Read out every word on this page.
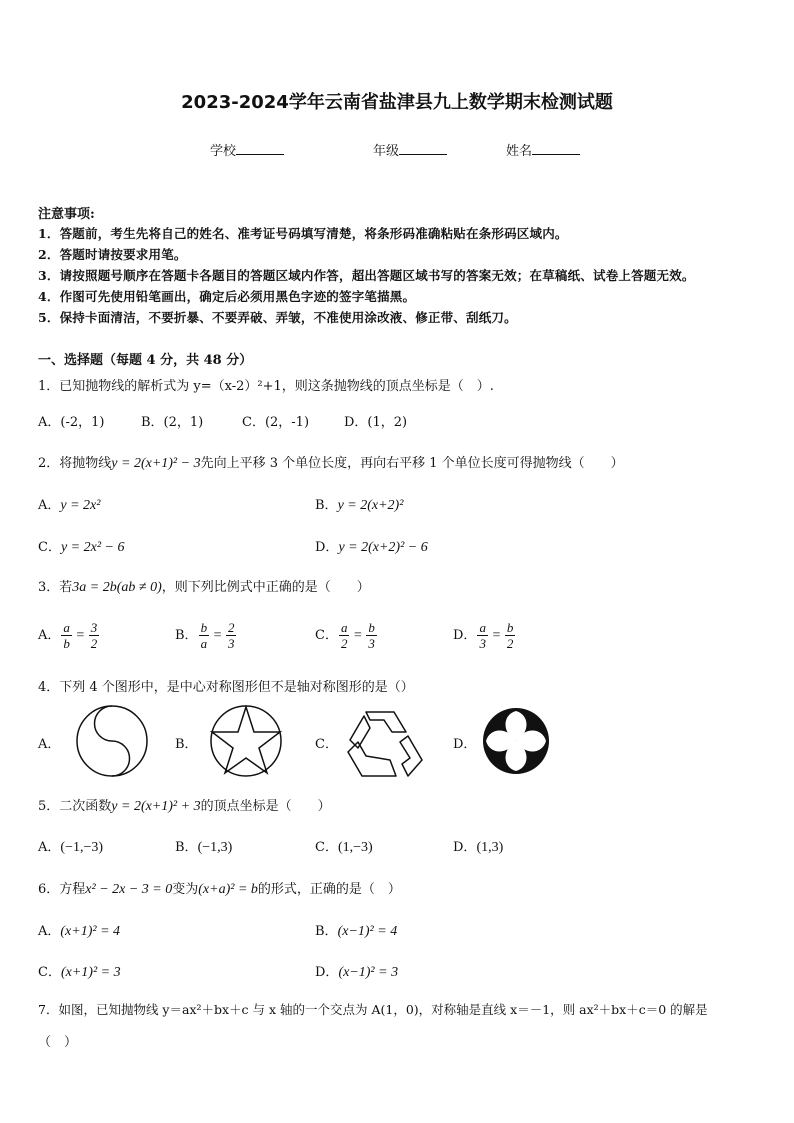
2023-2024学年云南省盐津县九上数学期末检测试题
学校	年级	姓名
注意事项:
1．答题前，考生先将自己的姓名、准考证号码填写清楚，将条形码准确粘贴在条形码区域内。
2．答题时请按要求用笔。
3．请按照题号顺序在答题卡各题目的答题区域内作答，超出答题区域书写的答案无效；在草稿纸、试卷上答题无效。
4．作图可先使用铅笔画出，确定后必须用黑色字迹的签字笔描黑。
5．保持卡面清洁，不要折暴、不要弄破、弄皱，不准使用涂改液、修正带、刮纸刀。
一、选择题（每题 4 分，共 48 分）
1．已知抛物线的解析式为 y=（x-2）²+1，则这条抛物线的顶点坐标是（　）.
A．(-2，1)	B．(2，1)	C．(2，-1)	D．(1，2)
2．将抛物线y = 2(x+1)² − 3先向上平移 3 个单位长度，再向右平移 1 个单位长度可得抛物线（　　）
A．y = 2x²	B．y = 2(x+2)²
C．y = 2x² − 6	D．y = 2(x+2)² − 6
3．若3a = 2b(ab ≠ 0)，则下列比例式中正确的是（　　）
A． $\frac{a}{b} = \frac{3}{2}$	B． $\frac{b}{a} = \frac{2}{3}$	C． $\frac{a}{2} = \frac{b}{3}$	D． $\frac{a}{3} = \frac{b}{2}$
4．下列 4 个图形中，是中心对称图形但不是轴对称图形的是（）
A．	B．	C．	D．
5．二次函数y = 2(x+1)² + 3的顶点坐标是（　　）
A．(−1,−3)	B．(−1,3)	C．(1,−3)	D．(1,3)
6．方程x² − 2x − 3 = 0变为(x+a)² = b的形式，正确的是（　）
A．(x+1)² = 4	B．(x−1)² = 4
C．(x+1)² = 3	D．(x−1)² = 3
7．如图，已知抛物线 y＝ax²＋bx＋c 与 x 轴的一个交点为 A(1，0)，对称轴是直线 x＝－1，则 ax²＋bx＋c＝0 的解是
（　）
